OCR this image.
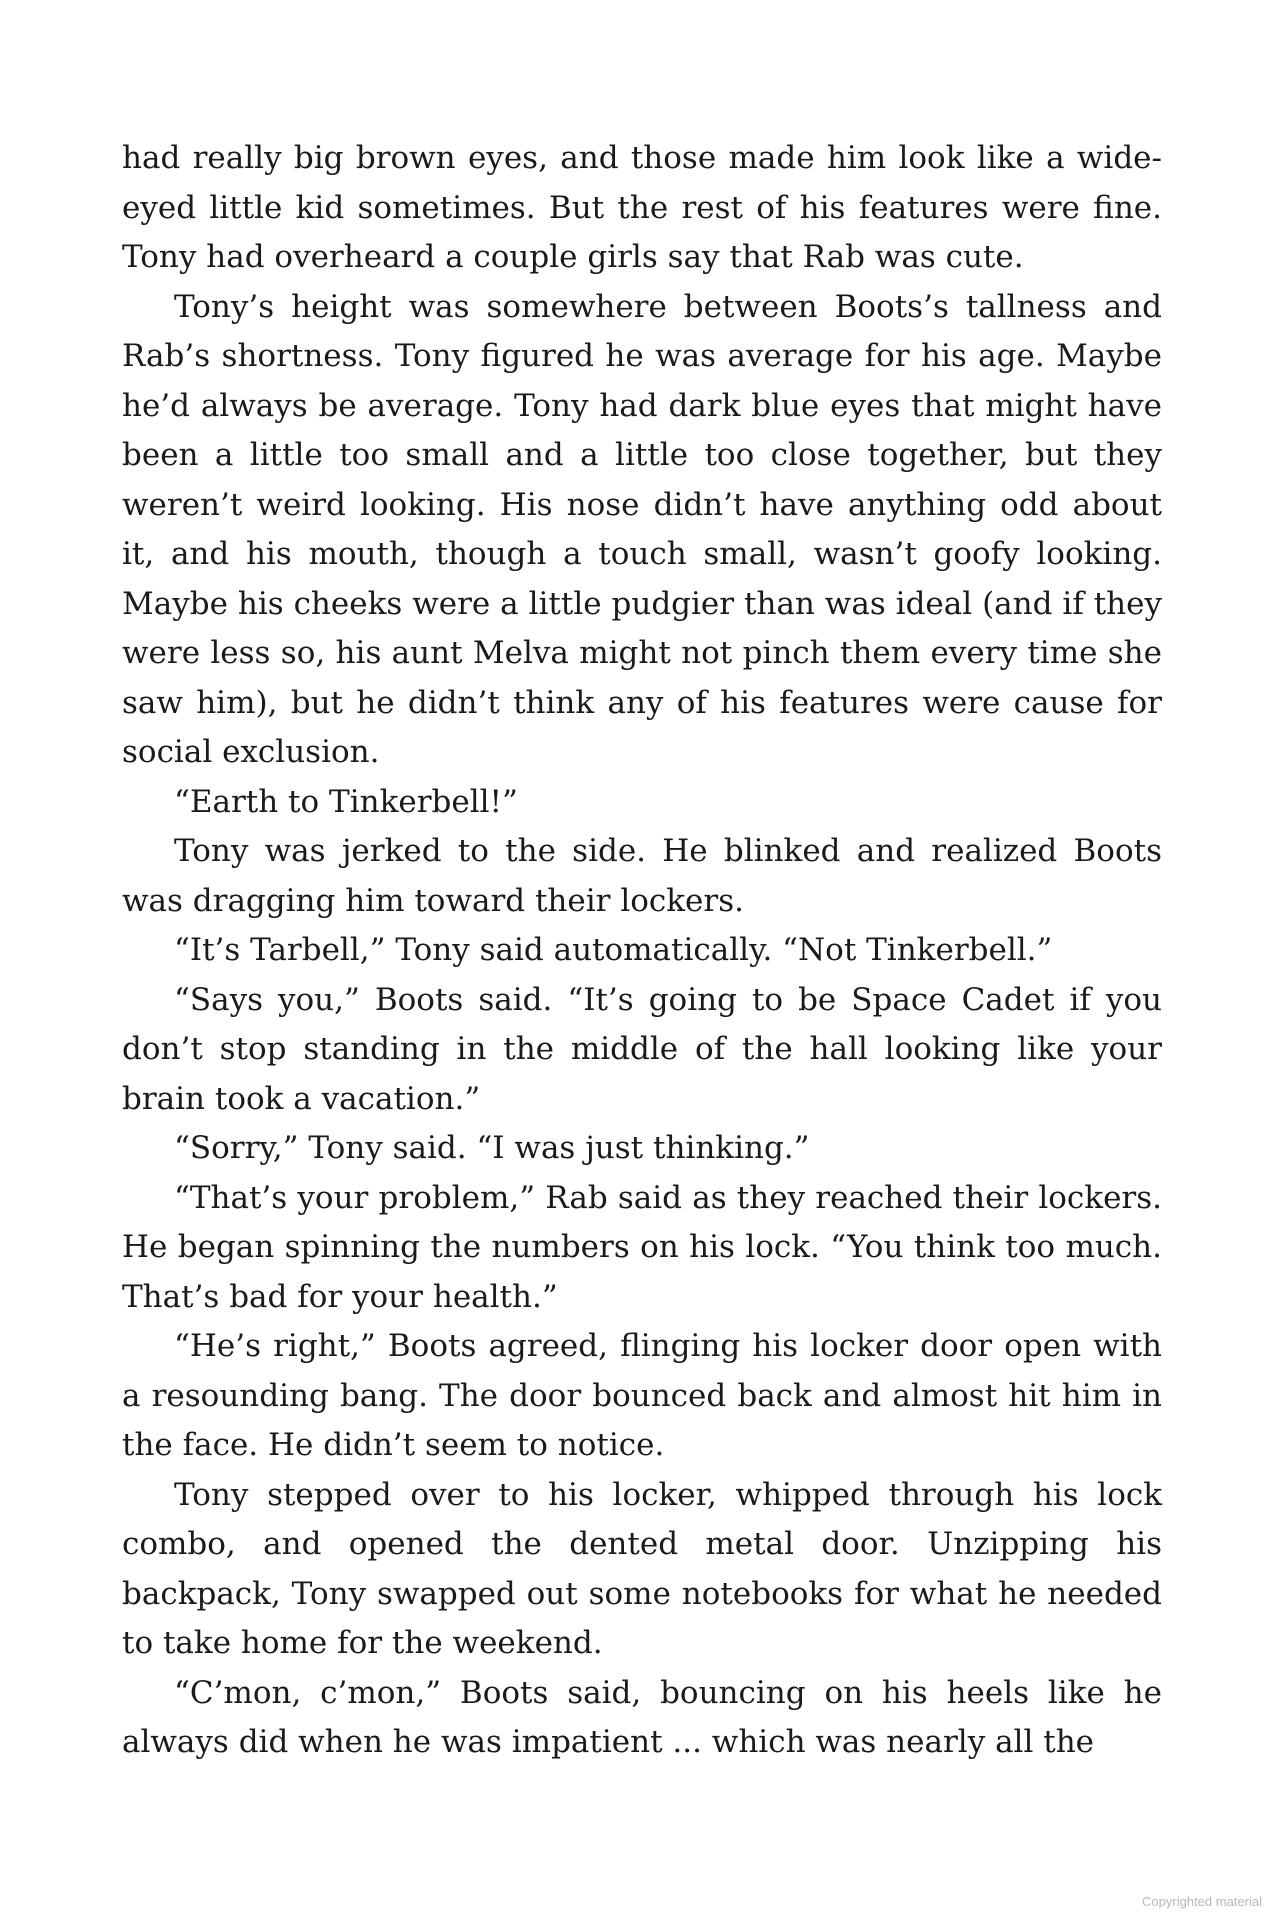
had really big brown eyes, and those made him look like a wide-eyed little kid sometimes. But the rest of his features were fine. Tony had overheard a couple girls say that Rab was cute.

Tony’s height was somewhere between Boots’s tallness and Rab’s shortness. Tony figured he was average for his age. Maybe he’d always be average. Tony had dark blue eyes that might have been a little too small and a little too close together, but they weren’t weird looking. His nose didn’t have anything odd about it, and his mouth, though a touch small, wasn’t goofy looking. Maybe his cheeks were a little pudgier than was ideal (and if they were less so, his aunt Melva might not pinch them every time she saw him), but he didn’t think any of his features were cause for social exclusion.

“Earth to Tinkerbell!”

Tony was jerked to the side. He blinked and realized Boots was dragging him toward their lockers.

“It’s Tarbell,” Tony said automatically. “Not Tinkerbell.”

“Says you,” Boots said. “It’s going to be Space Cadet if you don’t stop standing in the middle of the hall looking like your brain took a vacation.”

“Sorry,” Tony said. “I was just thinking.”

“That’s your problem,” Rab said as they reached their lockers. He began spinning the numbers on his lock. “You think too much. That’s bad for your health.”

“He’s right,” Boots agreed, flinging his locker door open with a resounding bang. The door bounced back and almost hit him in the face. He didn’t seem to notice.

Tony stepped over to his locker, whipped through his lock combo, and opened the dented metal door. Unzipping his backpack, Tony swapped out some notebooks for what he needed to take home for the weekend.

“C’mon, c’mon,” Boots said, bouncing on his heels like he always did when he was impatient ... which was nearly all the

Copyrighted material
